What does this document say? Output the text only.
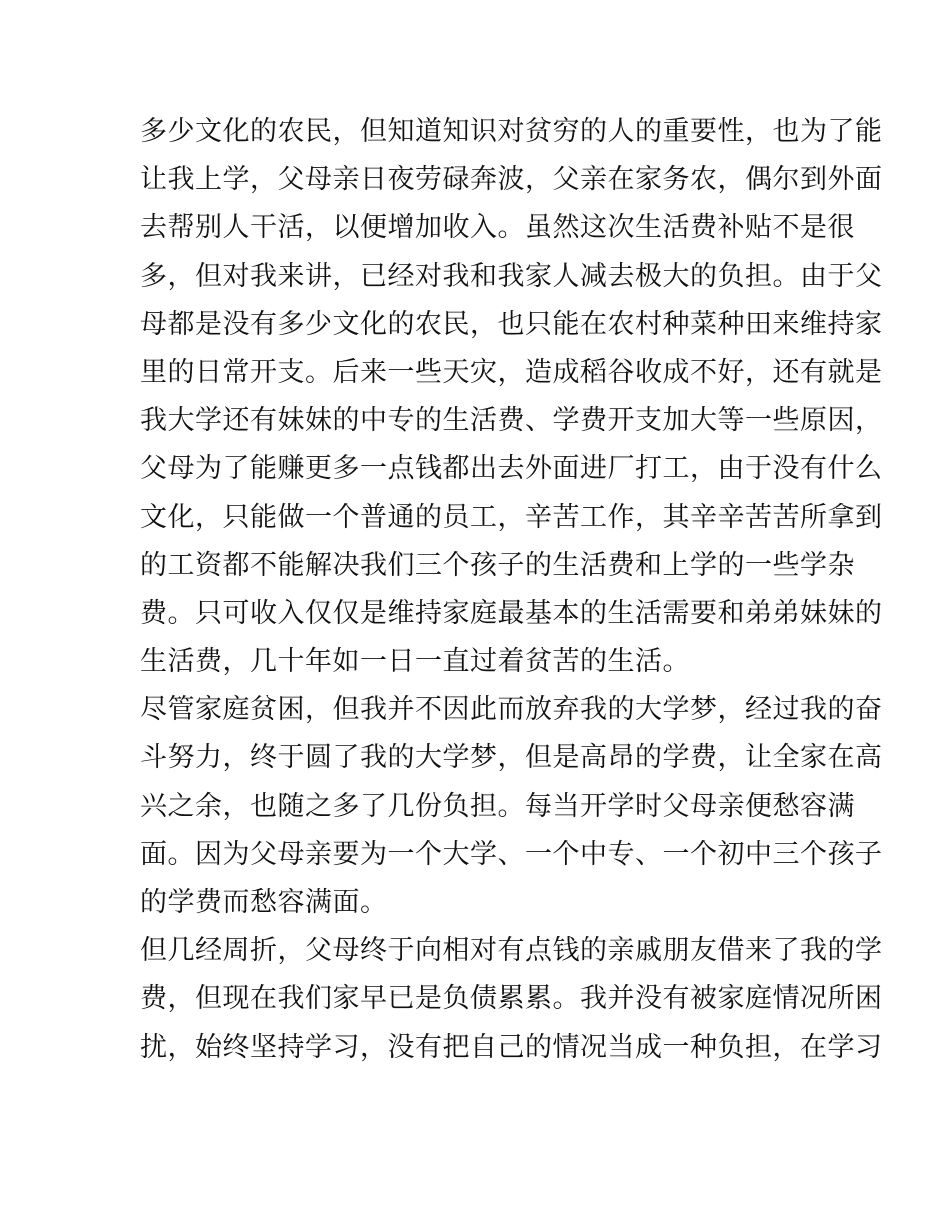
多少文化的农民，但知道知识对贫穷的人的重要性，也为了能
让我上学，父母亲日夜劳碌奔波，父亲在家务农，偶尔到外面
去帮别人干活，以便增加收入。虽然这次生活费补贴不是很
多，但对我来讲，已经对我和我家人减去极大的负担。由于父
母都是没有多少文化的农民，也只能在农村种菜种田来维持家
里的日常开支。后来一些天灾，造成稻谷收成不好，还有就是
我大学还有妹妹的中专的生活费、学费开支加大等一些原因，
父母为了能赚更多一点钱都出去外面进厂打工，由于没有什么
文化，只能做一个普通的员工，辛苦工作，其辛辛苦苦所拿到
的工资都不能解决我们三个孩子的生活费和上学的一些学杂
费。只可收入仅仅是维持家庭最基本的生活需要和弟弟妹妹的
生活费，几十年如一日一直过着贫苦的生活。
尽管家庭贫困，但我并不因此而放弃我的大学梦，经过我的奋
斗努力，终于圆了我的大学梦，但是高昂的学费，让全家在高
兴之余，也随之多了几份负担。每当开学时父母亲便愁容满
面。因为父母亲要为一个大学、一个中专、一个初中三个孩子
的学费而愁容满面。
但几经周折，父母终于向相对有点钱的亲戚朋友借来了我的学
费，但现在我们家早已是负债累累。我并没有被家庭情况所困
扰，始终坚持学习，没有把自己的情况当成一种负担，在学习
